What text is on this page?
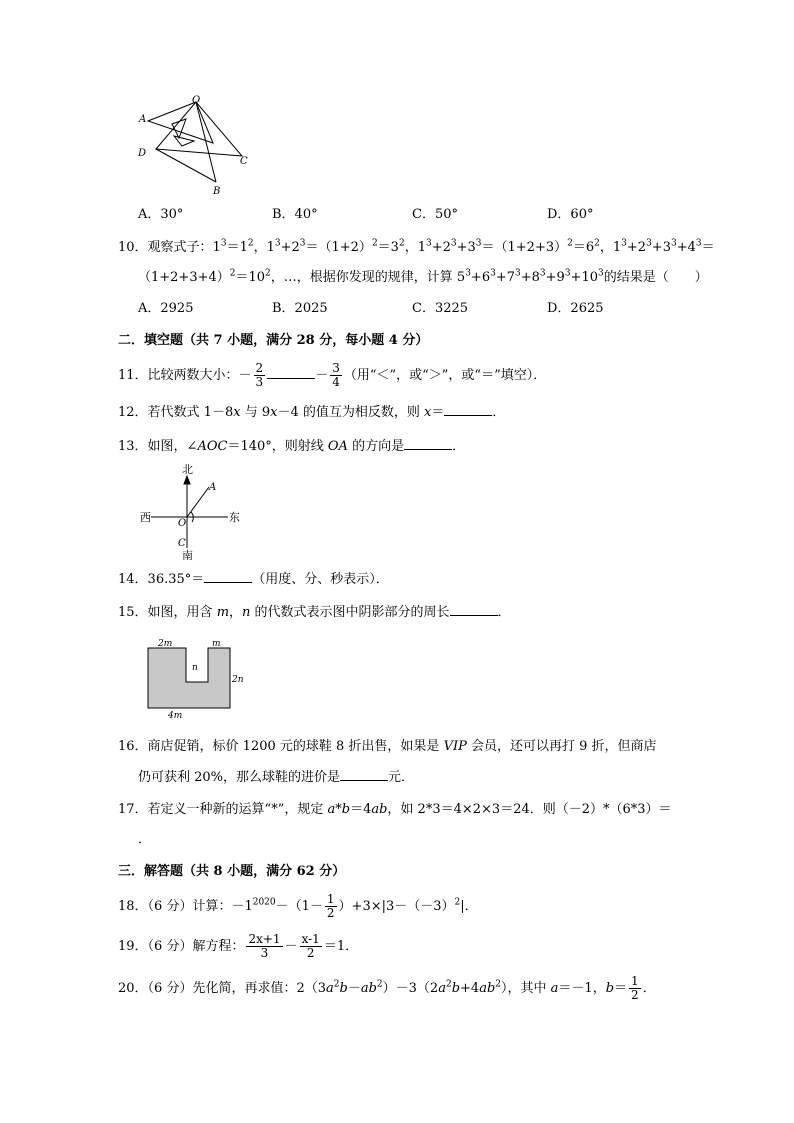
O
A
D
C
B
A．30°	B．40°	C．50°	D．60°
10．观察式子：$1^3=1^2$，$1^3+2^3=(1+2)^2=3^2$，$1^3+2^3+3^3=(1+2+3)^2=6^2$，$1^3+2^3+3^3+4^3=$
$(1+2+3+4)^2=10^2$，…，根据你发现的规律，计算 $5^3+6^3+7^3+8^3+9^3+10^3$的结果是（　　）
A．2925	B．2025	C．3225	D．2625
二．填空题（共 7 小题，满分 28 分，每小题 4 分）
11．比较两数大小：－ $\frac{2}{3}$	－ $\frac{3}{4}$ （用“＜”，或“＞”，或“＝”填空）．
12．若代数式 1－8x 与 9x－4 的值互为相反数，则 x＝	．
13．如图，∠AOC＝140°，则射线 OA 的方向是	．
北
A
西	东
O
C
南
14．36.35°＝	（用度、分、秒表示）．
15．如图，用含 m，n 的代数式表示图中阴影部分的周长	．
2m	m
n
2n
4m
16．商店促销，标价 1200 元的球鞋 8 折出售，如果是 VIP 会员，还可以再打 9 折，但商店
仍可获利 20%，那么球鞋的进价是	元．
17．若定义一种新的运算“*”，规定 a*b＝4ab，如 2*3＝4×2×3＝24．则（－2）*（6*3）＝
．
三．解答题（共 8 小题，满分 62 分）
18．（6 分）计算：$-1^{2020}-(1- \frac{1}{2} )+3\times|3-(-3)^2|$．
19．（6 分）解方程： $\frac{2x+1}{3} - \frac{x-1}{2} =1$．
20．（6 分）先化简，再求值：$2(3a^2b-ab^2)-3(2a^2b+4ab^2)$，其中 a＝－1，$b= \frac{1}{2}$ ．
